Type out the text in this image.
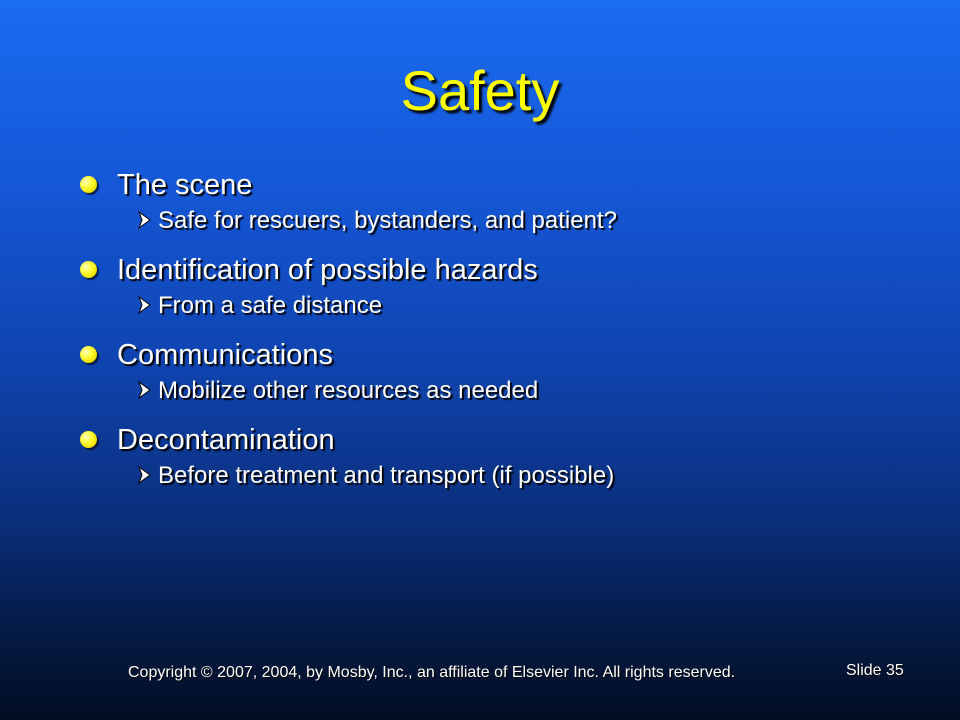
Safety
The scene
Safe for rescuers, bystanders, and patient?
Identification of possible hazards
From a safe distance
Communications
Mobilize other resources as needed
Decontamination
Before treatment and transport (if possible)
Copyright © 2007, 2004, by Mosby, Inc., an affiliate of Elsevier Inc. All rights reserved.	Slide 35
